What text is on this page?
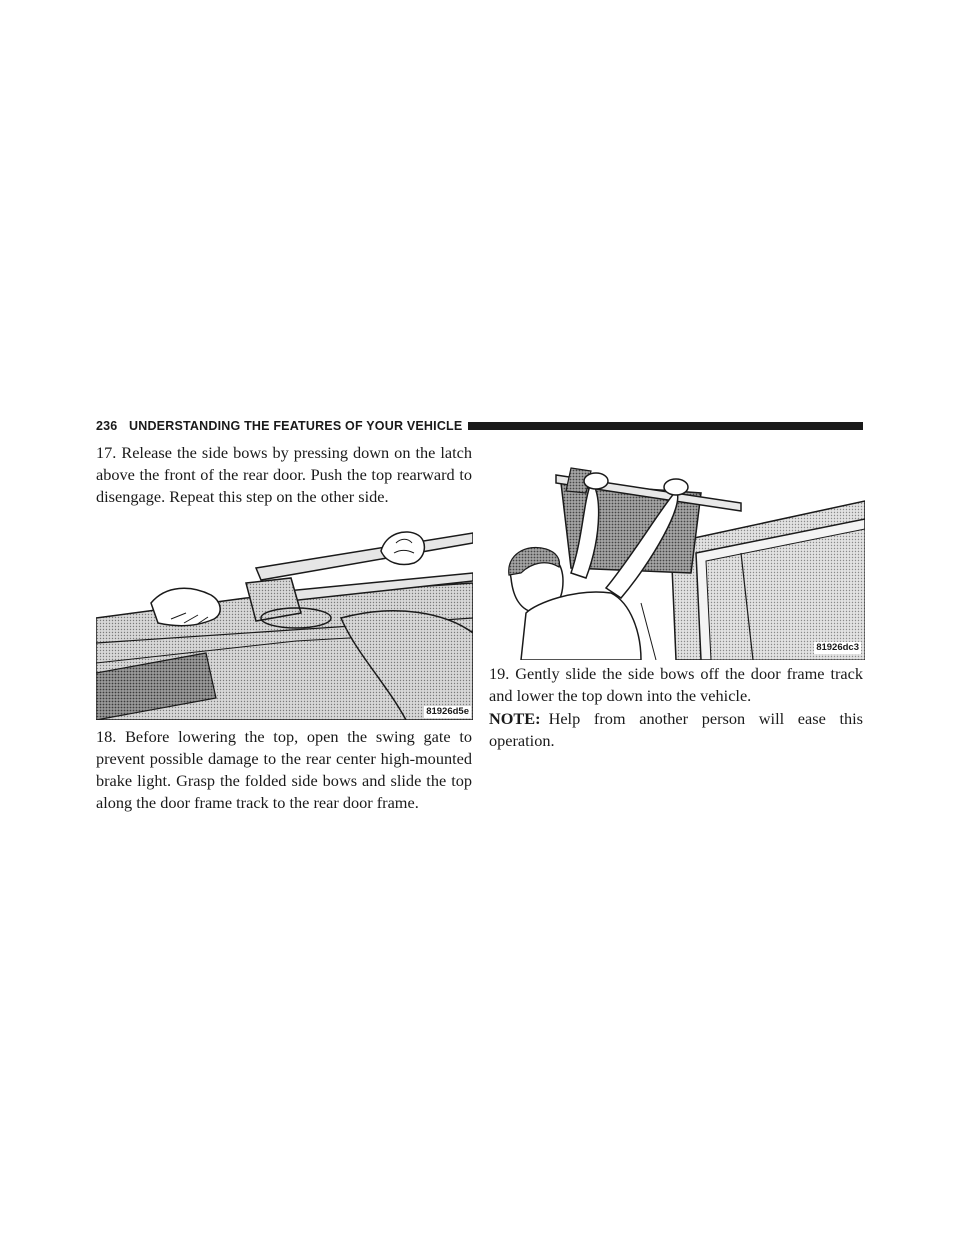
236 UNDERSTANDING THE FEATURES OF YOUR VEHICLE

17. Release the side bows by pressing down on the latch above the front of the rear door. Push the top rearward to disengage. Repeat this step on the other side.

81926d5e

18. Before lowering the top, open the swing gate to prevent possible damage to the rear center high-mounted brake light. Grasp the folded side bows and slide the top along the door frame track to the rear door frame.

81926dc3

19. Gently slide the side bows off the door frame track and lower the top down into the vehicle.

NOTE: Help from another person will ease this operation.
